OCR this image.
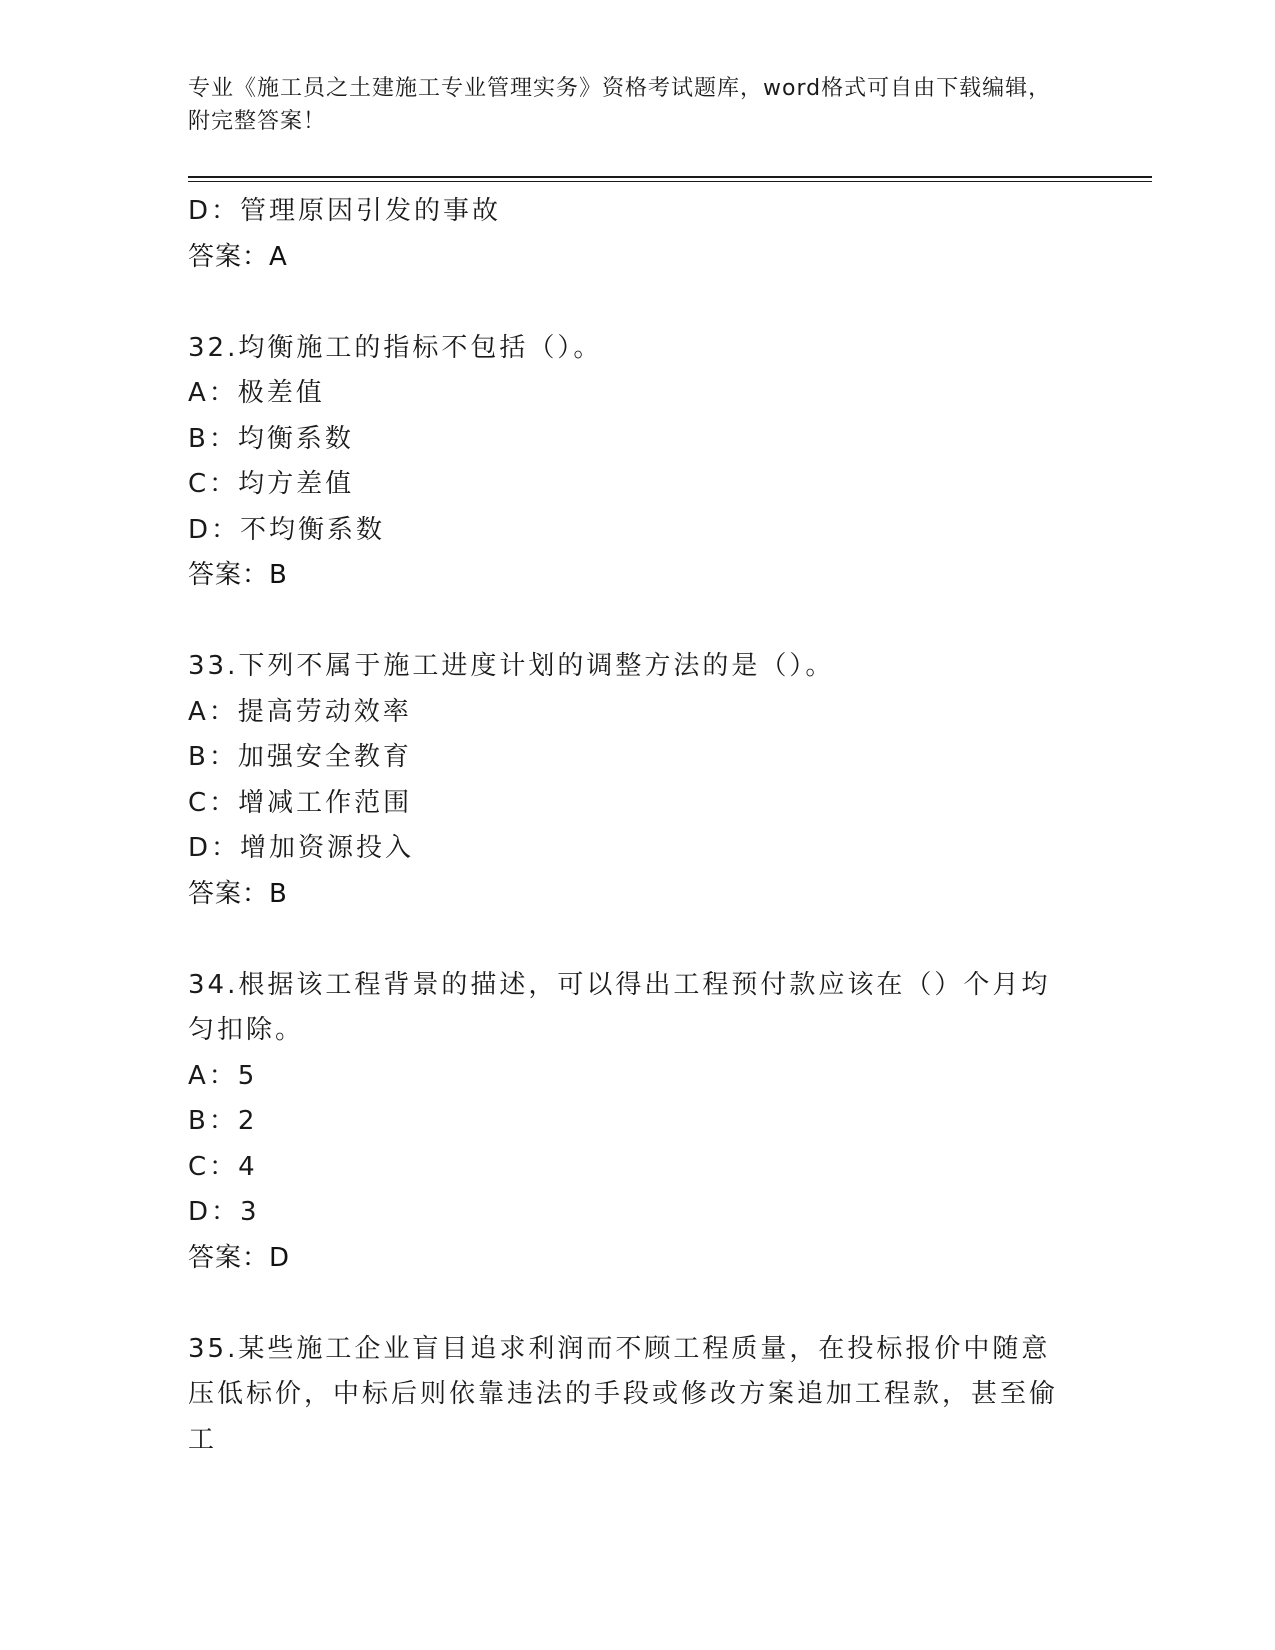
专业《施工员之土建施工专业管理实务》资格考试题库，word格式可自由下载编辑，附完整答案！
D：管理原因引发的事故
答案：A
32.均衡施工的指标不包括（）。
A：极差值
B：均衡系数
C：均方差值
D：不均衡系数
答案：B
33.下列不属于施工进度计划的调整方法的是（）。
A：提高劳动效率
B：加强安全教育
C：增减工作范围
D：增加资源投入
答案：B
34.根据该工程背景的描述，可以得出工程预付款应该在（）个月均匀扣除。
A：5
B：2
C：4
D：3
答案：D
35.某些施工企业盲目追求利润而不顾工程质量，在投标报价中随意压低标价，中标后则依靠违法的手段或修改方案追加工程款，甚至偷工
